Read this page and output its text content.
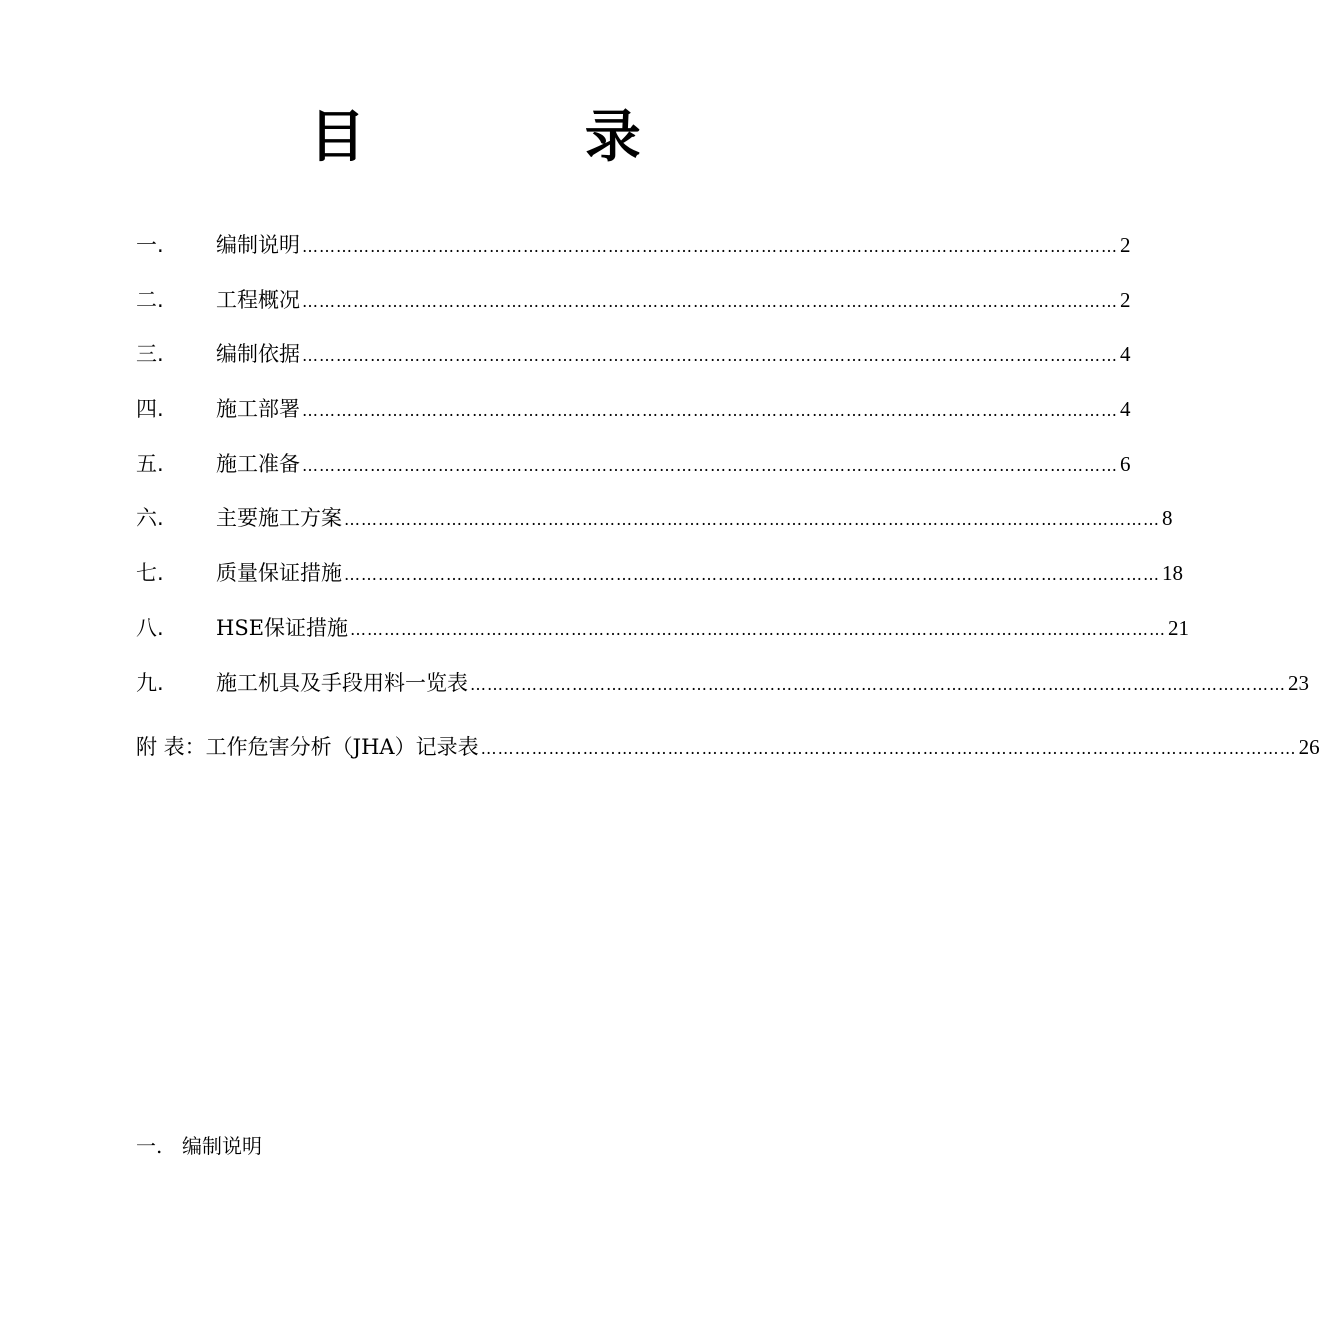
目 录
一.	编制说明 ……………………………………………………………………………………………………………………………… 2
二.	工程概况 ……………………………………………………………………………………………………………………………… 2
三.	编制依据 ……………………………………………………………………………………………………………………………… 4
四.	施工部署 ……………………………………………………………………………………………………………………………… 4
五.	施工准备 ……………………………………………………………………………………………………………………………… 6
六.	主要施工方案 ……………………………………………………………………………………………………………………………… 8
七.	质量保证措施 ……………………………………………………………………………………………………………………………… 18
八.	HSE保证措施 ……………………………………………………………………………………………………………………………… 21
九.	施工机具及手段用料一览表 ……………………………………………………………………………………………………………………………… 23
附 表：工作危害分析（JHA）记录表 ……………………………………………………………………………………………………………………………… 26
一. 编制说明
